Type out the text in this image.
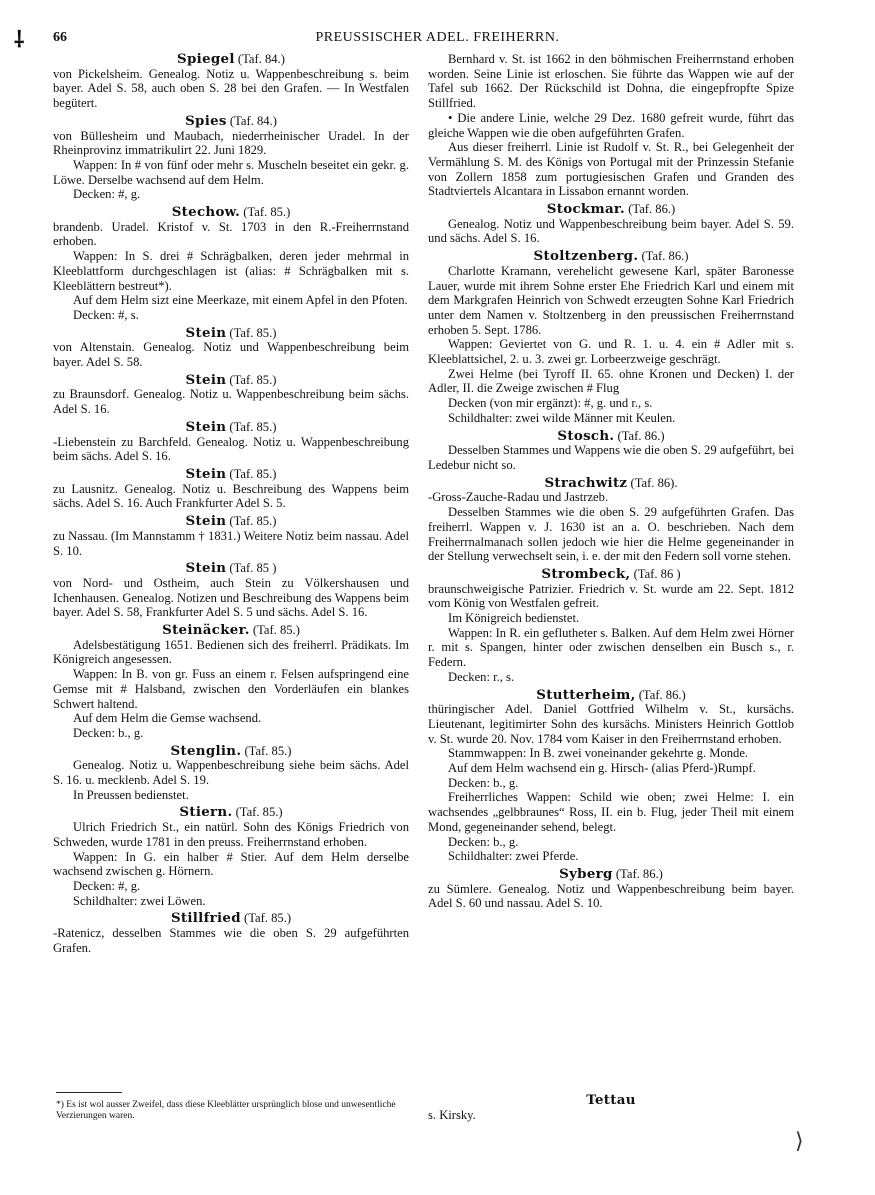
⸸ 66	PREUSSISCHER ADEL. FREIHERRN.

Spiegel (Taf. 84.)

von Pickelsheim. Genealog. Notiz u. Wappenbeschreibung s. beim bayer. Adel S. 58, auch oben S. 28 bei den Grafen. — In Westfalen begütert.

Spies (Taf. 84.)

von Büllesheim und Maubach, niederrheinischer Uradel. In der Rheinprovinz immatrikulirt 22. Juni 1829.

Wappen: In # von fünf oder mehr s. Muscheln beseitet ein gekr. g. Löwe. Derselbe wachsend auf dem Helm.

Decken: #, g.

Stechow. (Taf. 85.)

brandenb. Uradel. Kristof v. St. 1703 in den R.-Freiherrnstand erhoben.

Wappen: In S. drei # Schrägbalken, deren jeder mehrmal in Kleeblattform durchgeschlagen ist (alias: # Schrägbalken mit s. Kleeblättern bestreut*).

Auf dem Helm sizt eine Meerkaze, mit einem Apfel in den Pfoten.

Decken: #, s.

Stein (Taf. 85.)

von Altenstain. Genealog. Notiz und Wappenbeschreibung beim bayer. Adel S. 58.

Stein (Taf. 85.)

zu Braunsdorf. Genealog. Notiz u. Wappenbeschreibung beim sächs. Adel S. 16.

Stein (Taf. 85.)

-Liebenstein zu Barchfeld. Genealog. Notiz u. Wappenbeschreibung beim sächs. Adel S. 16.

Stein (Taf. 85.)

zu Lausnitz. Genealog. Notiz u. Beschreibung des Wappens beim sächs. Adel S. 16. Auch Frankfurter Adel S. 5.

Stein (Taf. 85.)

zu Nassau. (Im Mannstamm † 1831.) Weitere Notiz beim nassau. Adel S. 10.

Stein (Taf. 85 )

von Nord- und Ostheim, auch Stein zu Völkershausen und Ichenhausen. Genealog. Notizen und Beschreibung des Wappens beim bayer. Adel S. 58, Frankfurter Adel S. 5 und sächs. Adel S. 16.

Steinäcker. (Taf. 85.)

Adelsbestätigung 1651. Bedienen sich des freiherrl. Prädikats. Im Königreich angesessen.

Wappen: In B. von gr. Fuss an einem r. Felsen aufspringend eine Gemse mit # Halsband, zwischen den Vorderläufen ein blankes Schwert haltend.

Auf dem Helm die Gemse wachsend.

Decken: b., g.

Stenglin. (Taf. 85.)

Genealog. Notiz u. Wappenbeschreibung siehe beim sächs. Adel S. 16. u. mecklenb. Adel S. 19.

In Preussen bedienstet.

Stiern. (Taf. 85.)

Ulrich Friedrich St., ein natürl. Sohn des Königs Friedrich von Schweden, wurde 1781 in den preuss. Freiherrnstand erhoben.

Wappen: In G. ein halber # Stier. Auf dem Helm derselbe wachsend zwischen g. Hörnern.

Decken: #, g.

Schildhalter: zwei Löwen.

Stillfried (Taf. 85.)

-Ratenicz, desselben Stammes wie die oben S. 29 aufgeführten Grafen.

*) Es ist wol ausser Zweifel, dass diese Kleeblätter ursprünglich blose und unwesentliche Verzierungen waren.

Bernhard v. St. ist 1662 in den böhmischen Freiherrnstand erhoben worden. Seine Linie ist erloschen. Sie führte das Wappen wie auf der Tafel sub 1662. Der Rückschild ist Dohna, die eingepfropfte Spize Stillfried.

• Die andere Linie, welche 29 Dez. 1680 gefreit wurde, führt das gleiche Wappen wie die oben aufgeführten Grafen.

Aus dieser freiherrl. Linie ist Rudolf v. St. R., bei Gelegenheit der Vermählung S. M. des Königs von Portugal mit der Prinzessin Stefanie von Zollern 1858 zum portugiesischen Grafen und Granden des Stadtviertels Alcantara in Lissabon ernannt worden.

Stockmar. (Taf. 86.)

Genealog. Notiz und Wappenbeschreibung beim bayer. Adel S. 59. und sächs. Adel S. 16.

Stoltzenberg. (Taf. 86.)

Charlotte Kramann, verehelicht gewesene Karl, später Baronesse Lauer, wurde mit ihrem Sohne erster Ehe Friedrich Karl und einem mit dem Markgrafen Heinrich von Schwedt erzeugten Sohne Karl Friedrich unter dem Namen v. Stoltzenberg in den preussischen Freiherrnstand erhoben 5. Sept. 1786.

Wappen: Geviertet von G. und R. 1. u. 4. ein # Adler mit s. Kleeblattsichel, 2. u. 3. zwei gr. Lorbeerzweige geschrägt.

Zwei Helme (bei Tyroff II. 65. ohne Kronen und Decken) I. der Adler, II. die Zweige zwischen # Flug

Decken (von mir ergänzt): #, g. und r., s.

Schildhalter: zwei wilde Männer mit Keulen.

Stosch. (Taf. 86.)

Desselben Stammes und Wappens wie die oben S. 29 aufgeführt, bei Ledebur nicht so.

Strachwitz (Taf. 86).

-Gross-Zauche-Radau und Jastrzeb.

Desselben Stammes wie die oben S. 29 aufgeführten Grafen. Das freiherrl. Wappen v. J. 1630 ist an a. O. beschrieben. Nach dem Freiherrnalmanach sollen jedoch wie hier die Helme gegeneinander in der Stellung verwechselt sein, i. e. der mit den Federn soll vorne stehen.

Strombeck, (Taf. 86 )

braunschweigische Patrizier. Friedrich v. St. wurde am 22. Sept. 1812 vom König von Westfalen gefreit.

Im Königreich bedienstet.

Wappen: In R. ein geflutheter s. Balken. Auf dem Helm zwei Hörner r. mit s. Spangen, hinter oder zwischen denselben ein Busch s., r. Federn.

Decken: r., s.

Stutterheim, (Taf. 86.)

thüringischer Adel. Daniel Gottfried Wilhelm v. St., kursächs. Lieutenant, legitimirter Sohn des kursächs. Ministers Heinrich Gottlob v. St. wurde 20. Nov. 1784 vom Kaiser in den Freiherrnstand erhoben.

Stammwappen: In B. zwei voneinander gekehrte g. Monde.

Auf dem Helm wachsend ein g. Hirsch- (alias Pferd-)Rumpf.

Decken: b., g.

Freiherrliches Wappen: Schild wie oben; zwei Helme: I. ein wachsendes „gelbbraunes“ Ross, II. ein b. Flug, jeder Theil mit einem Mond, gegeneinander sehend, belegt.

Decken: b., g.

Schildhalter: zwei Pferde.

Syberg (Taf. 86.)

zu Sümlere. Genealog. Notiz und Wappenbeschreibung beim bayer. Adel S. 60 und nassau. Adel S. 10.

Tettau

s. Kirsky.

⟩
